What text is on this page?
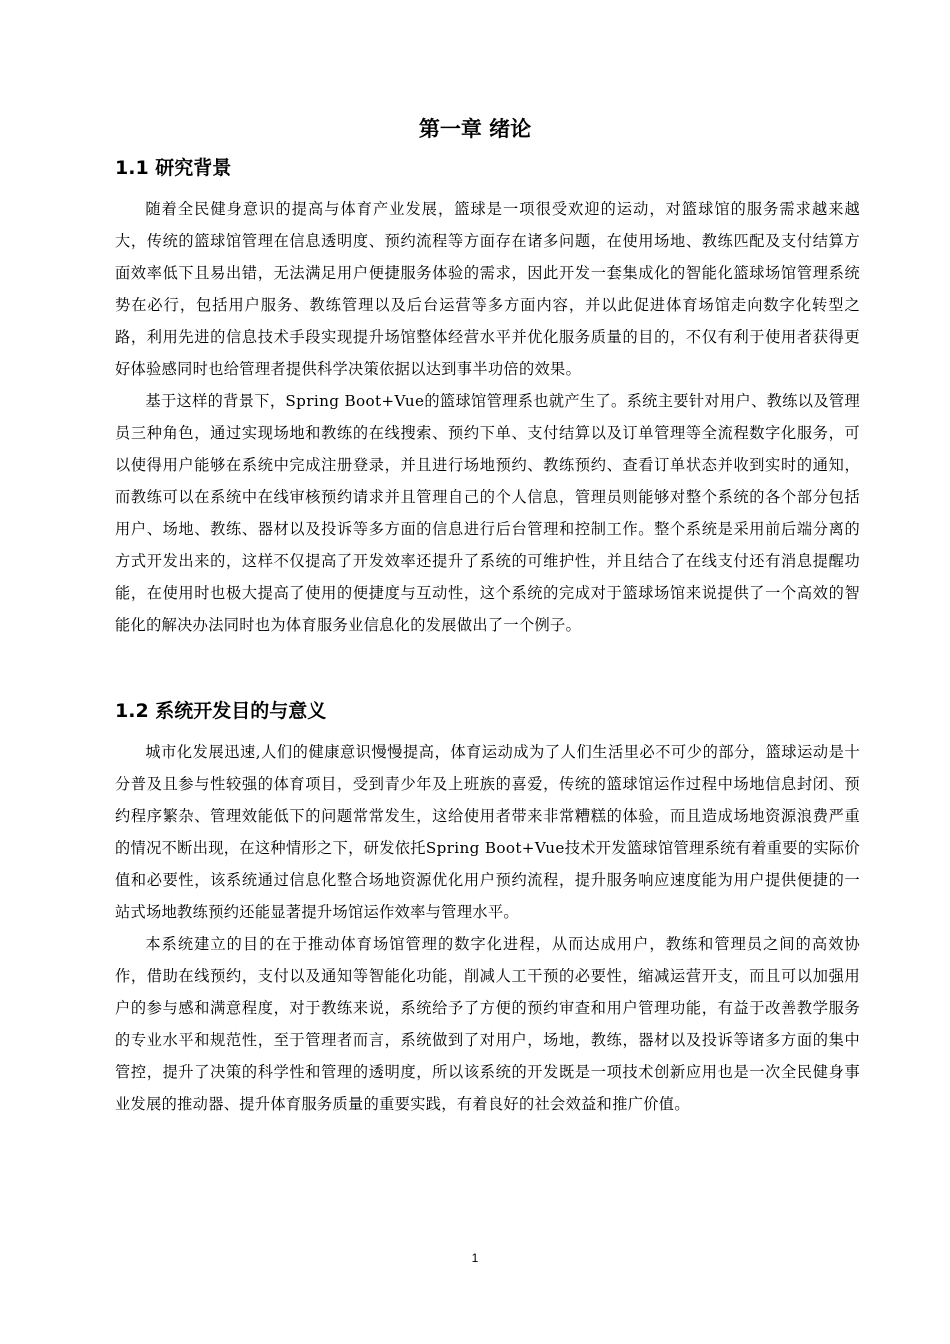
第一章 绪论
1.1 研究背景

随着全民健身意识的提高与体育产业发展，篮球是一项很受欢迎的运动，对篮球馆的服务需求越来越大，传统的篮球馆管理在信息透明度、预约流程等方面存在诸多问题，在使用场地、教练匹配及支付结算方面效率低下且易出错，无法满足用户便捷服务体验的需求，因此开发一套集成化的智能化篮球场馆管理系统势在必行，包括用户服务、教练管理以及后台运营等多方面内容，并以此促进体育场馆走向数字化转型之路，利用先进的信息技术手段实现提升场馆整体经营水平并优化服务质量的目的，不仅有利于使用者获得更好体验感同时也给管理者提供科学决策依据以达到事半功倍的效果。

基于这样的背景下，Spring Boot+Vue的篮球馆管理系也就产生了。系统主要针对用户、教练以及管理员三种角色，通过实现场地和教练的在线搜索、预约下单、支付结算以及订单管理等全流程数字化服务，可以使得用户能够在系统中完成注册登录，并且进行场地预约、教练预约、查看订单状态并收到实时的通知，而教练可以在系统中在线审核预约请求并且管理自己的个人信息，管理员则能够对整个系统的各个部分包括用户、场地、教练、器材以及投诉等多方面的信息进行后台管理和控制工作。整个系统是采用前后端分离的方式开发出来的，这样不仅提高了开发效率还提升了系统的可维护性，并且结合了在线支付还有消息提醒功能，在使用时也极大提高了使用的便捷度与互动性，这个系统的完成对于篮球场馆来说提供了一个高效的智能化的解决办法同时也为体育服务业信息化的发展做出了一个例子。

1.2 系统开发目的与意义

城市化发展迅速,人们的健康意识慢慢提高，体育运动成为了人们生活里必不可少的部分，篮球运动是十分普及且参与性较强的体育项目，受到青少年及上班族的喜爱，传统的篮球馆运作过程中场地信息封闭、预约程序繁杂、管理效能低下的问题常常发生，这给使用者带来非常糟糕的体验，而且造成场地资源浪费严重的情况不断出现，在这种情形之下，研发依托Spring Boot+Vue技术开发篮球馆管理系统有着重要的实际价值和必要性，该系统通过信息化整合场地资源优化用户预约流程，提升服务响应速度能为用户提供便捷的一站式场地教练预约还能显著提升场馆运作效率与管理水平。

本系统建立的目的在于推动体育场馆管理的数字化进程，从而达成用户，教练和管理员之间的高效协作，借助在线预约，支付以及通知等智能化功能，削减人工干预的必要性，缩减运营开支，而且可以加强用户的参与感和满意程度，对于教练来说，系统给予了方便的预约审查和用户管理功能，有益于改善教学服务的专业水平和规范性，至于管理者而言，系统做到了对用户，场地，教练，器材以及投诉等诸多方面的集中管控，提升了决策的科学性和管理的透明度，所以该系统的开发既是一项技术创新应用也是一次全民健身事业发展的推动器、提升体育服务质量的重要实践，有着良好的社会效益和推广价值。

1
